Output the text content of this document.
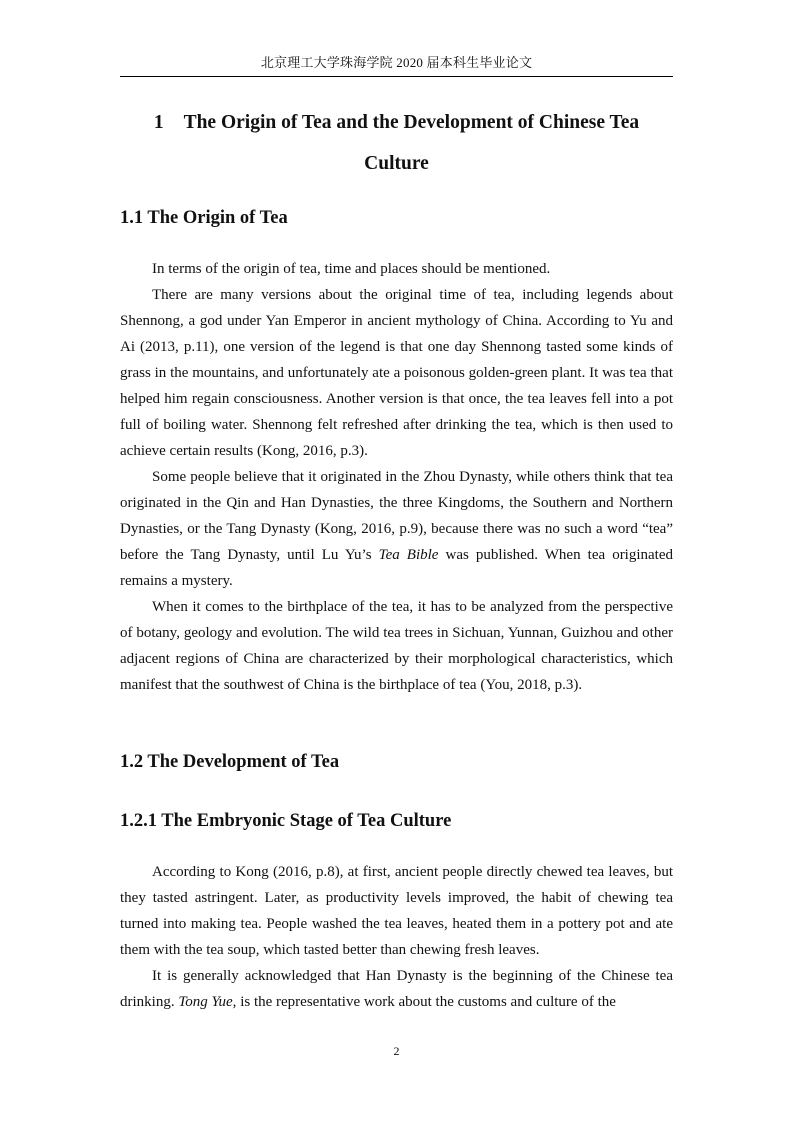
北京理工大学珠海学院 2020 届本科生毕业论文
1 The Origin of Tea and the Development of Chinese Tea Culture
1.1 The Origin of Tea

In terms of the origin of tea, time and places should be mentioned.

There are many versions about the original time of tea, including legends about Shennong, a god under Yan Emperor in ancient mythology of China. According to Yu and Ai (2013, p.11), one version of the legend is that one day Shennong tasted some kinds of grass in the mountains, and unfortunately ate a poisonous golden-green plant. It was tea that helped him regain consciousness. Another version is that once, the tea leaves fell into a pot full of boiling water. Shennong felt refreshed after drinking the tea, which is then used to achieve certain results (Kong, 2016, p.3).

Some people believe that it originated in the Zhou Dynasty, while others think that tea originated in the Qin and Han Dynasties, the three Kingdoms, the Southern and Northern Dynasties, or the Tang Dynasty (Kong, 2016, p.9), because there was no such a word “tea” before the Tang Dynasty, until Lu Yu’s Tea Bible was published. When tea originated remains a mystery.

When it comes to the birthplace of the tea, it has to be analyzed from the perspective of botany, geology and evolution. The wild tea trees in Sichuan, Yunnan, Guizhou and other adjacent regions of China are characterized by their morphological characteristics, which manifest that the southwest of China is the birthplace of tea (You, 2018, p.3).

1.2 The Development of Tea
1.2.1 The Embryonic Stage of Tea Culture

According to Kong (2016, p.8), at first, ancient people directly chewed tea leaves, but they tasted astringent. Later, as productivity levels improved, the habit of chewing tea turned into making tea. People washed the tea leaves, heated them in a pottery pot and ate them with the tea soup, which tasted better than chewing fresh leaves.

It is generally acknowledged that Han Dynasty is the beginning of the Chinese tea drinking. Tong Yue, is the representative work about the customs and culture of the

2
